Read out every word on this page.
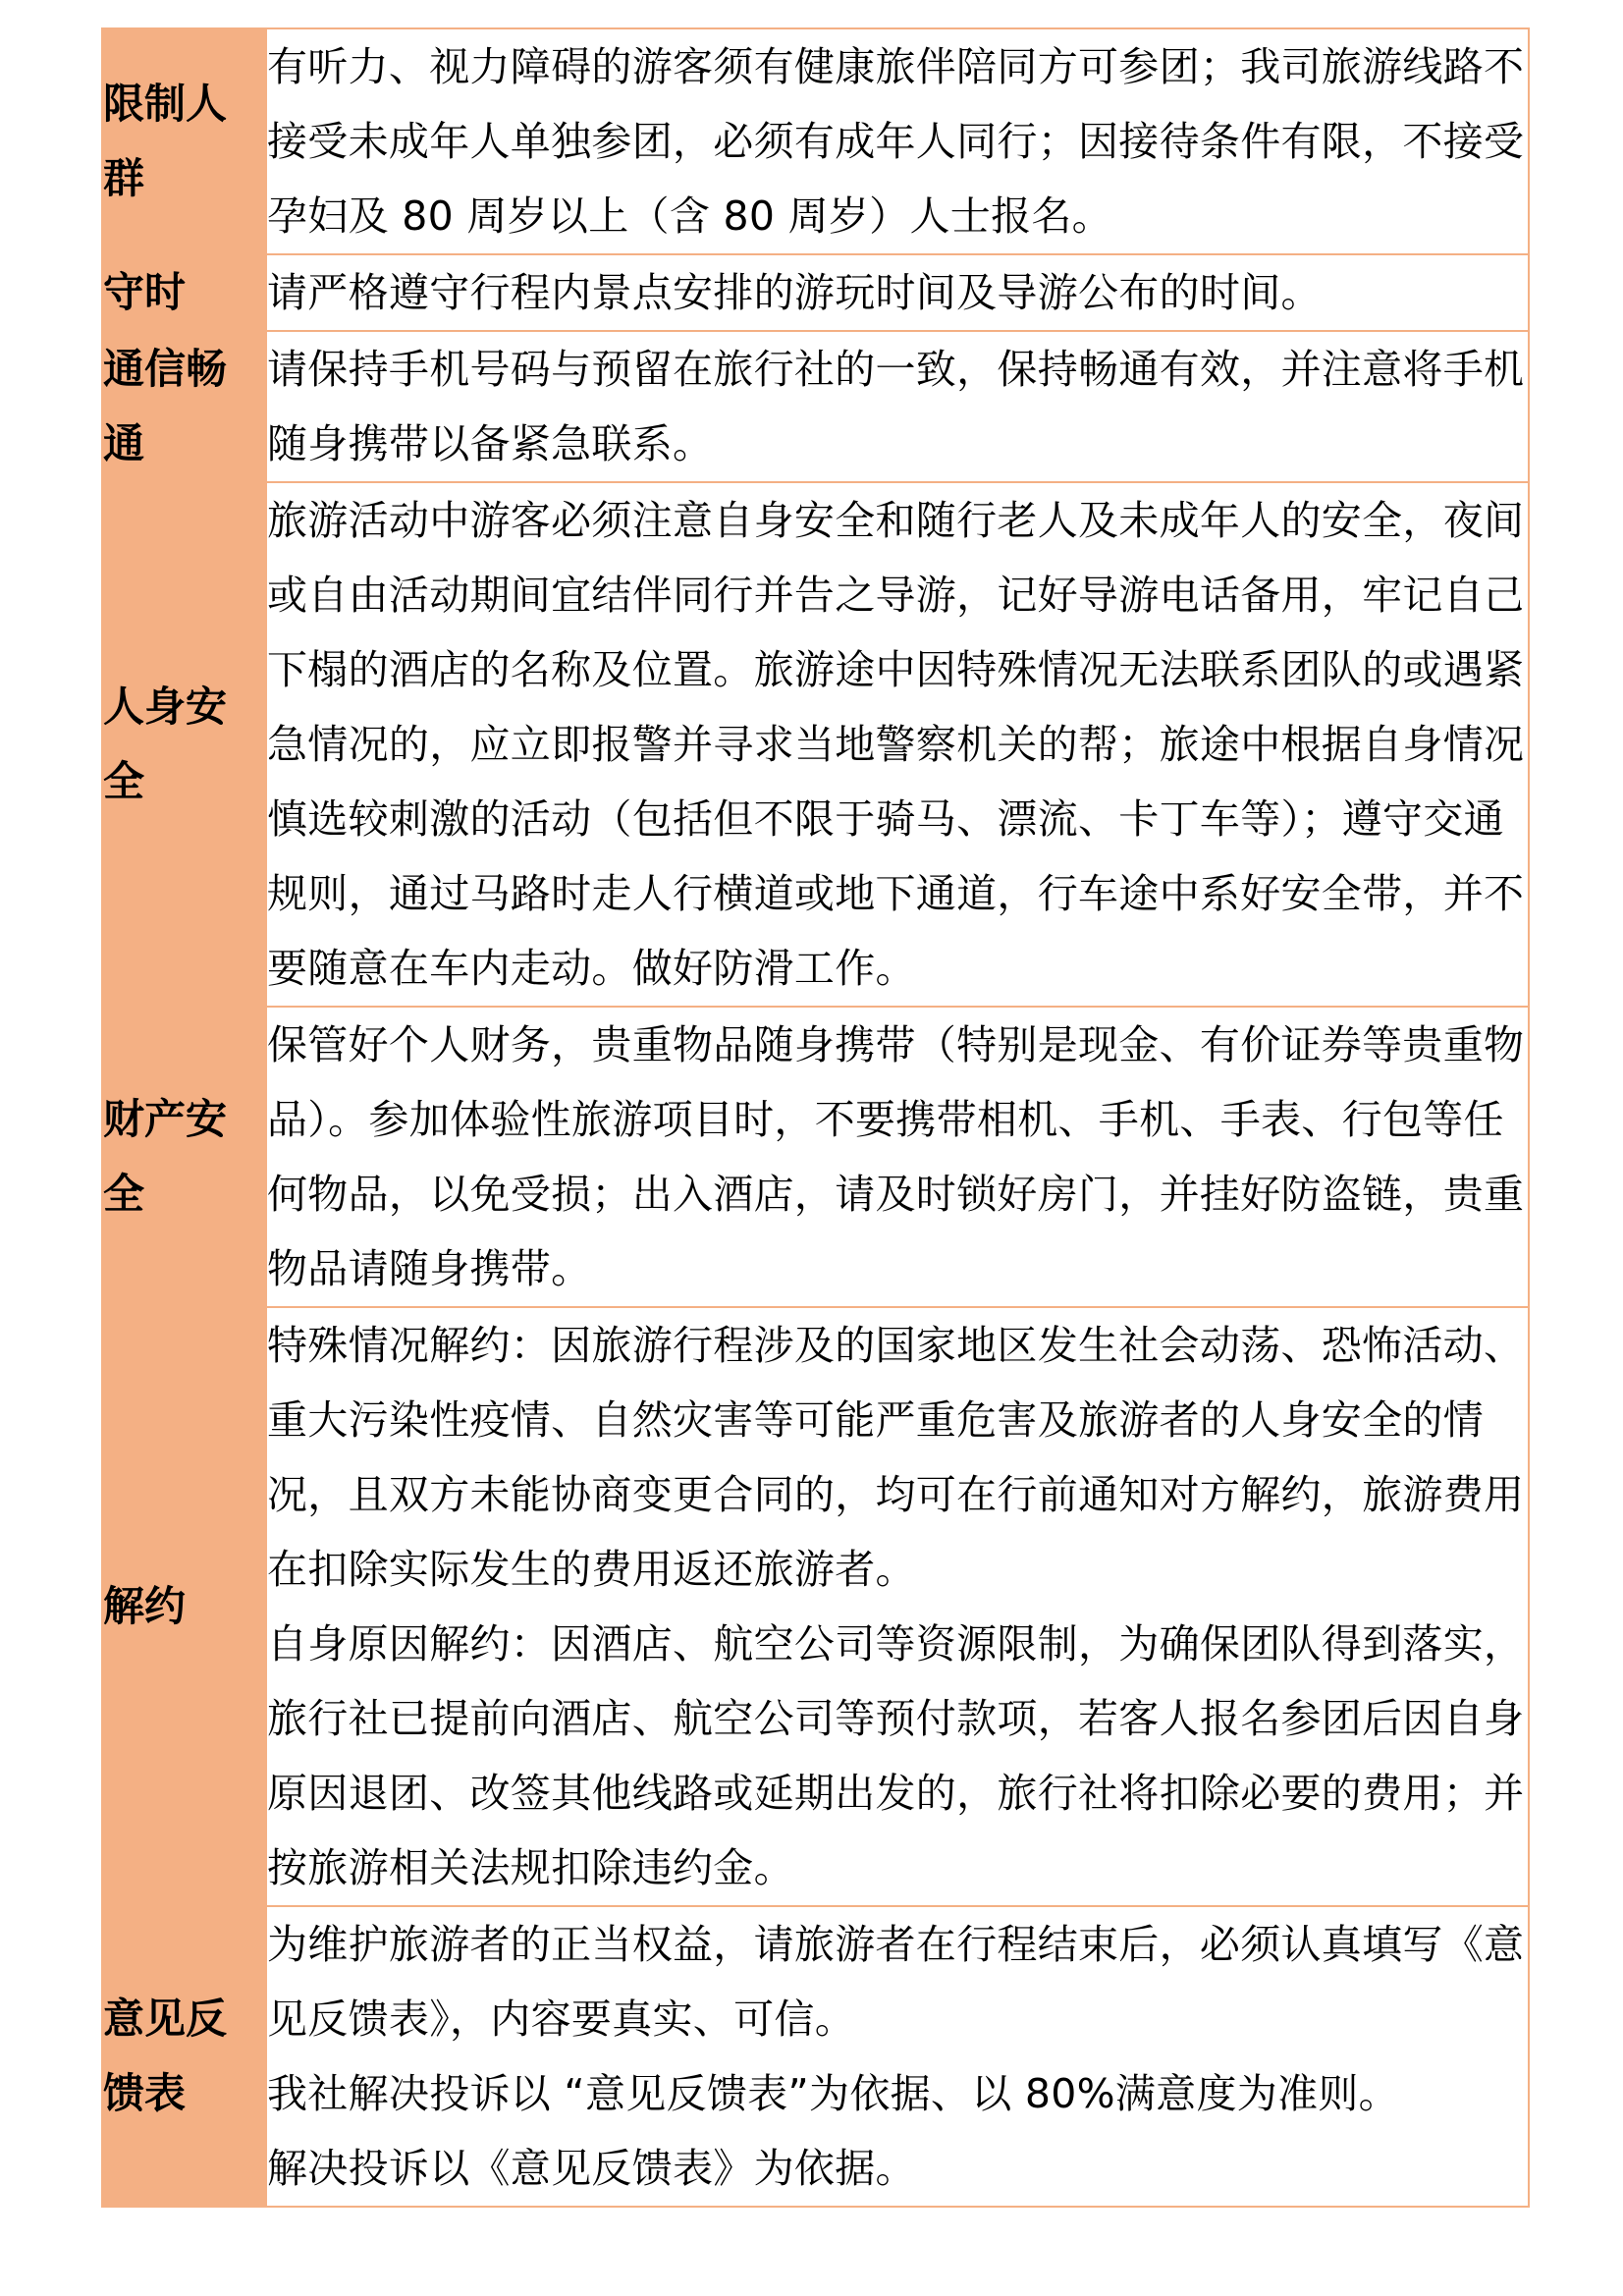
限制人群	有听力、视力障碍的游客须有健康旅伴陪同方可参团；我司旅游线路不接受未成年人单独参团，必须有成年人同行；因接待条件有限，不接受孕妇及 80 周岁以上（含 80 周岁）人士报名。

守时	请严格遵守行程内景点安排的游玩时间及导游公布的时间。

通信畅通	请保持手机号码与预留在旅行社的一致，保持畅通有效，并注意将手机随身携带以备紧急联系。

人身安全	旅游活动中游客必须注意自身安全和随行老人及未成年人的安全，夜间或自由活动期间宜结伴同行并告之导游，记好导游电话备用，牢记自己下榻的酒店的名称及位置。旅游途中因特殊情况无法联系团队的或遇紧急情况的，应立即报警并寻求当地警察机关的帮；旅途中根据自身情况慎选较刺激的活动（包括但不限于骑马、漂流、卡丁车等）；遵守交通规则，通过马路时走人行横道或地下通道，行车途中系好安全带，并不要随意在车内走动。做好防滑工作。

财产安全	保管好个人财务，贵重物品随身携带（特别是现金、有价证券等贵重物品）。参加体验性旅游项目时，不要携带相机、手机、手表、行包等任何物品，以免受损；出入酒店，请及时锁好房门，并挂好防盗链，贵重物品请随身携带。

解约	特殊情况解约：因旅游行程涉及的国家地区发生社会动荡、恐怖活动、重大污染性疫情、自然灾害等可能严重危害及旅游者的人身安全的情况，且双方未能协商变更合同的，均可在行前通知对方解约，旅游费用在扣除实际发生的费用返还旅游者。

自身原因解约：因酒店、航空公司等资源限制，为确保团队得到落实，旅行社已提前向酒店、航空公司等预付款项，若客人报名参团后因自身原因退团、改签其他线路或延期出发的，旅行社将扣除必要的费用；并按旅游相关法规扣除违约金。

意见反馈表	为维护旅游者的正当权益，请旅游者在行程结束后，必须认真填写《意见反馈表》，内容要真实、可信。

我社解决投诉以 “意见反馈表”为依据、以 80%满意度为准则。

解决投诉以《意见反馈表》为依据。
